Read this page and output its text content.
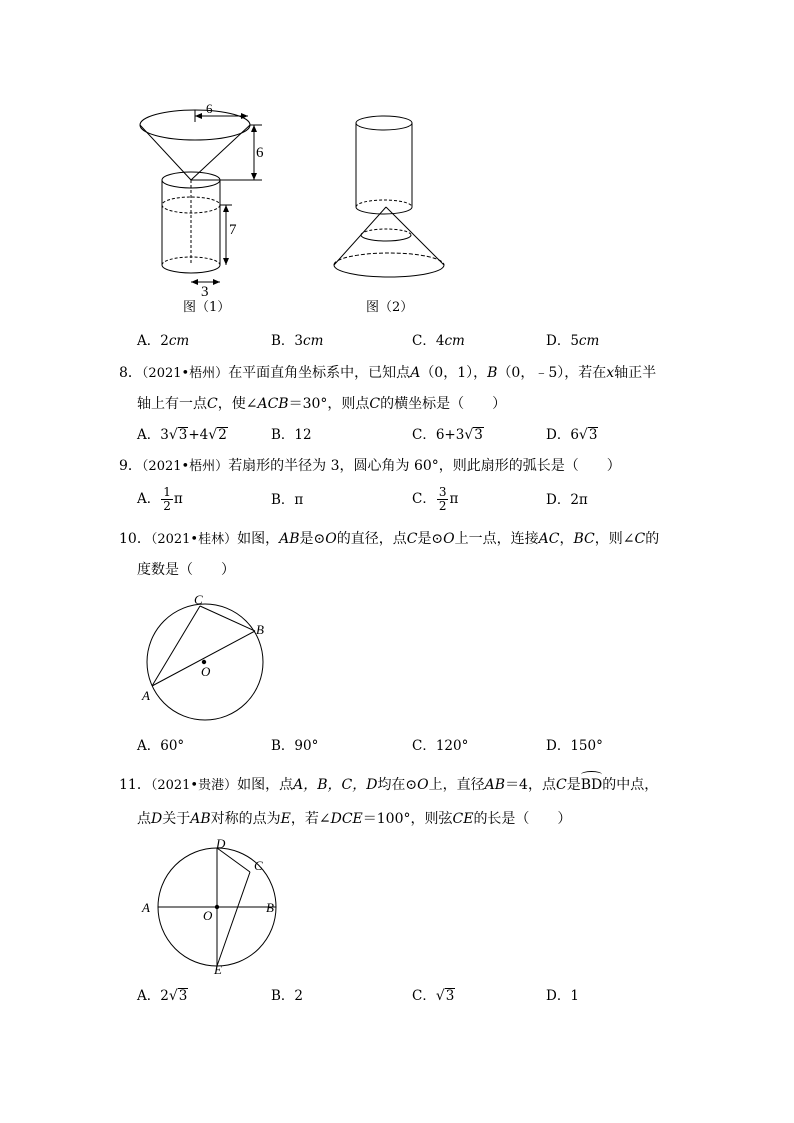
6
6
7
3
图（1）	图（2）
A．2cm	B．3cm	C．4cm	D．5cm
8．（2021•梧州）在平面直角坐标系中，已知点A（0，1），B（0，﹣5），若在x轴正半
轴上有一点C，使∠ACB＝30°，则点C的横坐标是（　　）
A．3√3+4√2	B．12	C．6+3√3	D．6√3
9．（2021•梧州）若扇形的半径为 3，圆心角为 60°，则此扇形的弧长是（　　）
A． $\frac{1}{2}$ π	B．π	C． $\frac{3}{2}$ π	D．2π
10．（2021•桂林）如图，AB是⊙O的直径，点C是⊙O上一点，连接AC，BC，则∠C的
度数是（　　）
C
B
O
A
A．60°	B．90°	C．120°	D．150°
11．（2021•贵港）如图，点A，B，C，D均在⊙O上，直径AB＝4，点C是BD的中点，
点D关于AB对称的点为E，若∠DCE＝100°，则弦CE的长是（　　）
D
C
A	B
O
E
A．2√3	B．2	C．√3	D．1
